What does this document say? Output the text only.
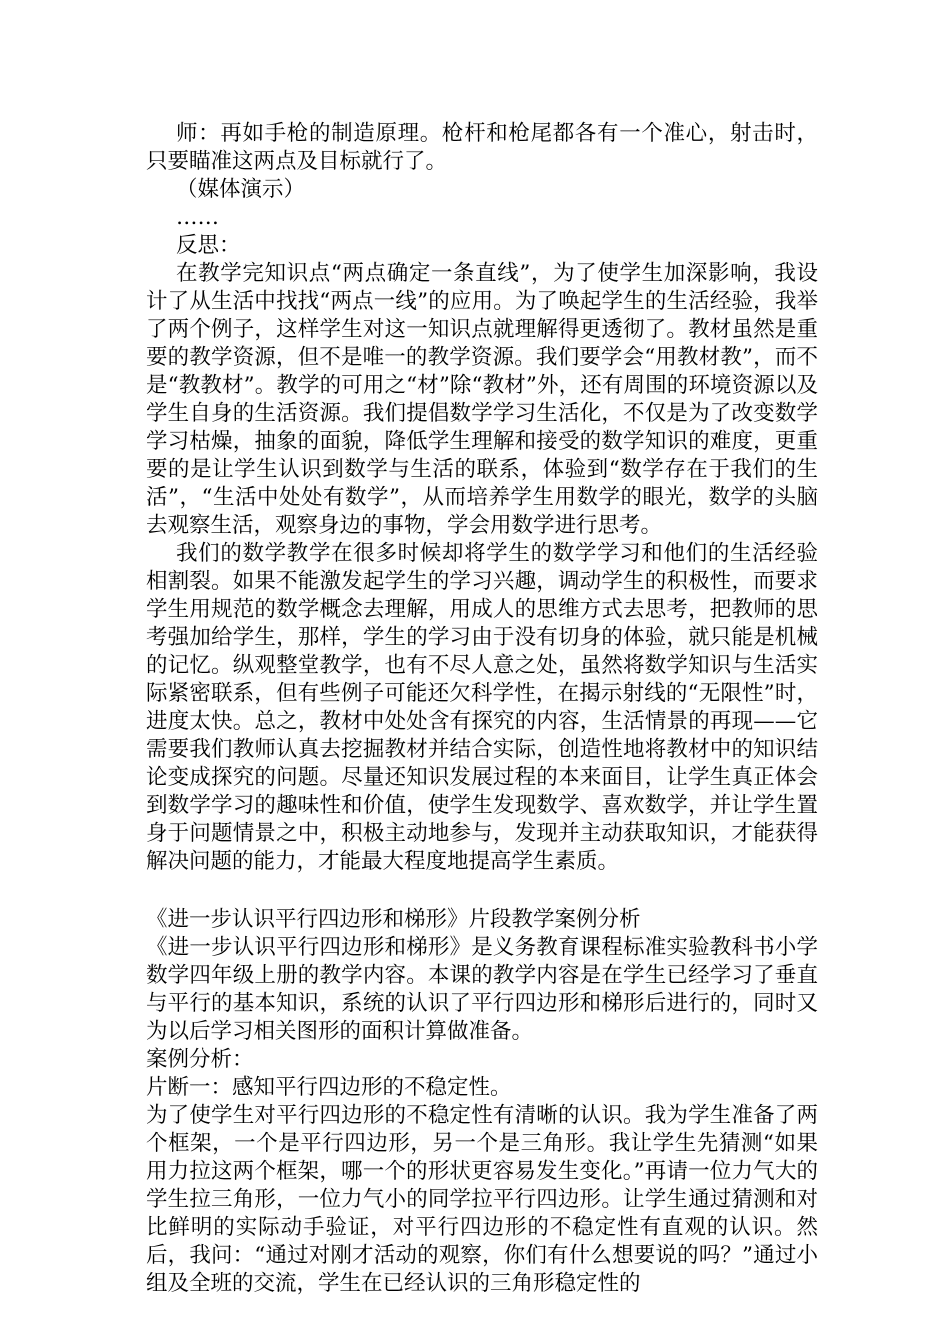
师：再如手枪的制造原理。枪杆和枪尾都各有一个准心，射击时，只要瞄准这两点及目标就行了。

（媒体演示）

……

反思：

在教学完知识点“两点确定一条直线”，为了使学生加深影响，我设计了从生活中找找“两点一线”的应用。为了唤起学生的生活经验，我举了两个例子，这样学生对这一知识点就理解得更透彻了。教材虽然是重要的教学资源，但不是唯一的教学资源。我们要学会“用教材教”，而不是“教教材”。教学的可用之“材”除“教材”外，还有周围的环境资源以及学生自身的生活资源。我们提倡数学学习生活化，不仅是为了改变数学学习枯燥，抽象的面貌，降低学生理解和接受的数学知识的难度，更重要的是让学生认识到数学与生活的联系，体验到“数学存在于我们的生活”，“生活中处处有数学”，从而培养学生用数学的眼光，数学的头脑去观察生活，观察身边的事物，学会用数学进行思考。

我们的数学教学在很多时候却将学生的数学学习和他们的生活经验相割裂。如果不能激发起学生的学习兴趣，调动学生的积极性，而要求学生用规范的数学概念去理解，用成人的思维方式去思考，把教师的思考强加给学生，那样，学生的学习由于没有切身的体验，就只能是机械的记忆。纵观整堂教学，也有不尽人意之处，虽然将数学知识与生活实际紧密联系，但有些例子可能还欠科学性，在揭示射线的“无限性”时，进度太快。总之，教材中处处含有探究的内容，生活情景的再现——它需要我们教师认真去挖掘教材并结合实际，创造性地将教材中的知识结论变成探究的问题。尽量还知识发展过程的本来面目，让学生真正体会到数学学习的趣味性和价值，使学生发现数学、喜欢数学，并让学生置身于问题情景之中，积极主动地参与，发现并主动获取知识，才能获得解决问题的能力，才能最大程度地提高学生素质。

《进一步认识平行四边形和梯形》片段教学案例分析

《进一步认识平行四边形和梯形》是义务教育课程标准实验教科书小学数学四年级上册的教学内容。本课的教学内容是在学生已经学习了垂直与平行的基本知识，系统的认识了平行四边形和梯形后进行的，同时又为以后学习相关图形的面积计算做准备。

案例分析：

片断一：感知平行四边形的不稳定性。

为了使学生对平行四边形的不稳定性有清晰的认识。我为学生准备了两个框架，一个是平行四边形，另一个是三角形。我让学生先猜测“如果用力拉这两个框架，哪一个的形状更容易发生变化。”再请一位力气大的学生拉三角形，一位力气小的同学拉平行四边形。让学生通过猜测和对比鲜明的实际动手验证，对平行四边形的不稳定性有直观的认识。然后，我问：“通过对刚才活动的观察，你们有什么想要说的吗？”通过小组及全班的交流，学生在已经认识的三角形稳定性的
